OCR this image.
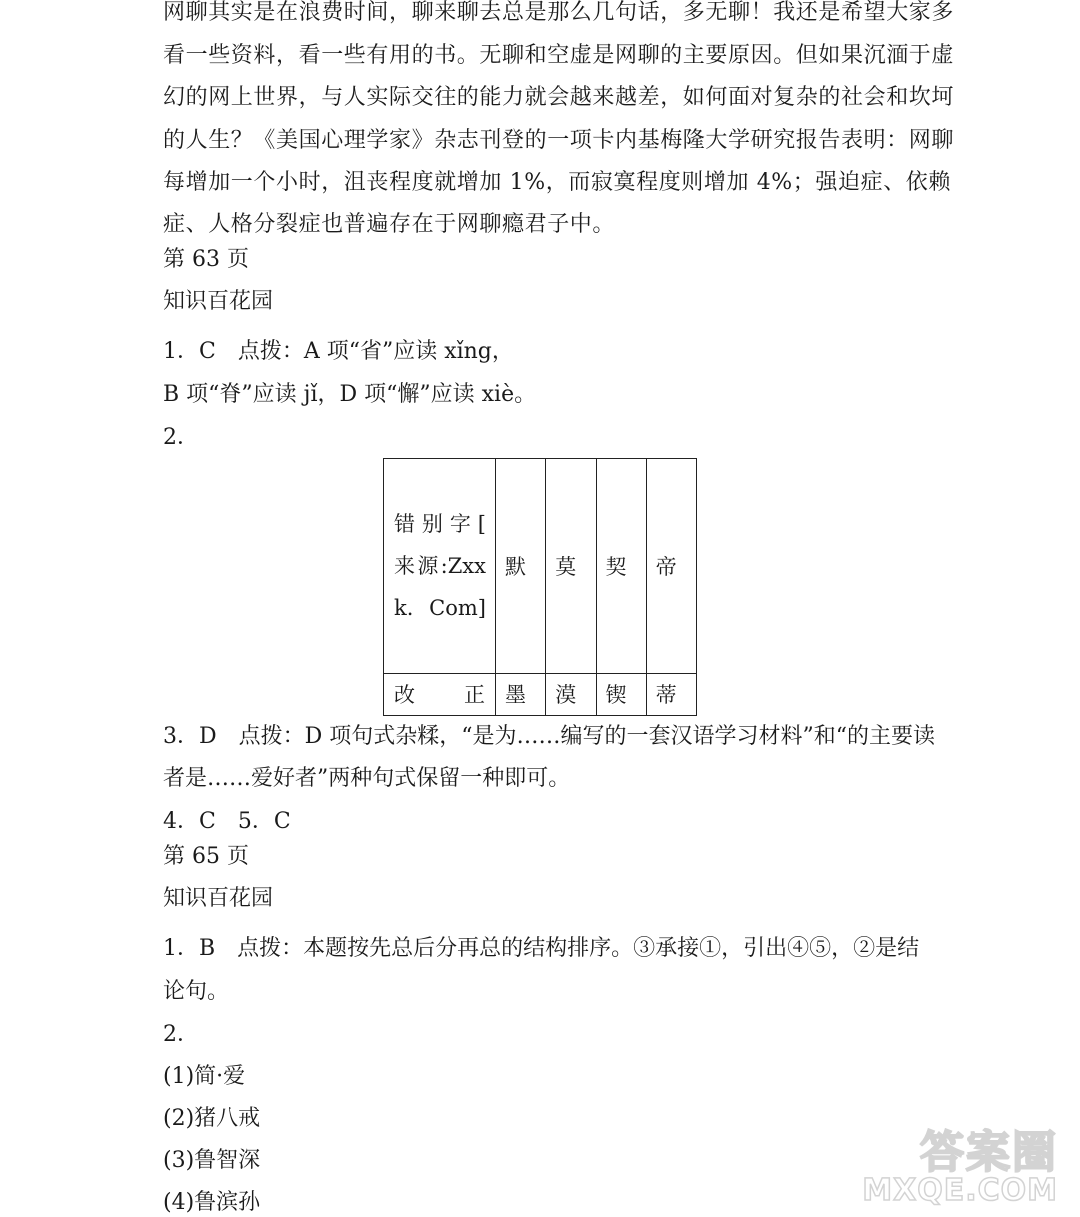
网聊其实是在浪费时间，聊来聊去总是那么几句话，多无聊！我还是希望大家多
看一些资料，看一些有用的书。无聊和空虚是网聊的主要原因。但如果沉湎于虚
幻的网上世界，与人实际交往的能力就会越来越差，如何面对复杂的社会和坎坷
的人生？《美国心理学家》杂志刊登的一项卡内基梅隆大学研究报告表明：网聊
每增加一个小时，沮丧程度就增加 1%，而寂寞程度则增加 4%；强迫症、依赖
症、人格分裂症也普遍存在于网聊瘾君子中。
第 63 页
知识百花园
1．C　点拨：A 项“省”应读 xǐng，
B 项“脊”应读 jǐ，D 项“懈”应读 xiè。
2．
错别字[　来源:Zxxk. Com]	默	莫	契	帝
改正	墨	漠	锲	蒂
3．D　点拨：D 项句式杂糅，“是为……编写的一套汉语学习材料”和“的主要读
者是……爱好者”两种句式保留一种即可。
4．C　5．C
第 65 页
知识百花园
1．B　点拨：本题按先总后分再总的结构排序。③承接①，引出④⑤，②是结
论句。
2．
(1)简·爱
(2)猪八戒
(3)鲁智深
(4)鲁滨孙
答案圈
MXQE.COM
